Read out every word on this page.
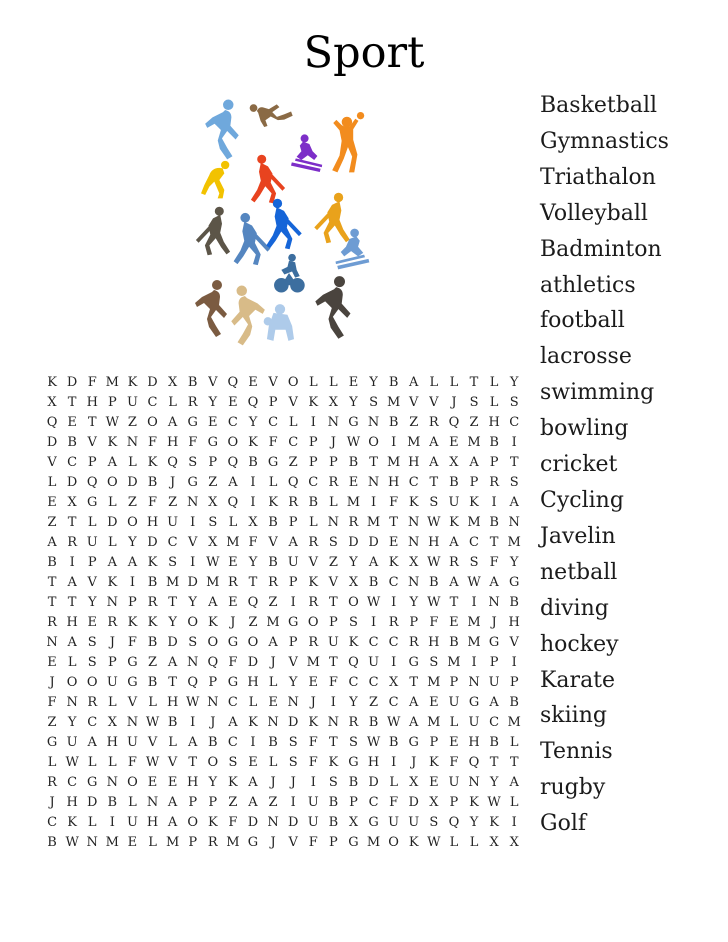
Sport
Basketball
Gymnastics
Triathalon
Volleyball
Badminton
athletics
football
lacrosse
swimming
bowling
cricket
Cycling
Javelin
netball
diving
hockey
Karate
skiing
Tennis
rugby
Golf
K D F M K D X B V Q E V O L L E Y B A L L T L Y
X T H P U C L R Y E Q P V K X Y S M V V J	S L S
Q E T W Z O A G E C Y C L	I N G N B Z R Q Z H C
D B V K N F H F G O K F C P	J W O I M A E M B I
V C P A L K Q S P Q B G Z P P B T M H A X A P T
L D Q O D B J G Z A I	L Q C R E N H C T B P R S
E X G L Z F Z N X Q I K R B L M I	F K S U K I A
Z T L D O H U I	S L X B P L N R M T N W K M B N
A R U L Y D C V X M F V A R S D D E N H A C T M
B I	P A A K S	I W E Y B U V Z Y A K X W R S F Y
T A V K I B M D M R T R P K V X B C N B A W A G
T T Y N P R T Y A E Q Z	I R T O W I	Y W T	I N B
R H E R K K Y O K J Z M G O P S	I R P F E M J H
N A S	J F B D S O G O A P R U K C C R H B M G V
E L S P G Z A N Q F D J V M T Q U I G S M I	P	I
J O O U G B T Q P G H L Y E F C C X T M P N U P
F N R L V L H W N C L E N J	I	Y Z C A E U G A B
Z Y C X N W B I	J A K N D K N R B W A M L U C M
G U A H U V L A B C I B S F T S W B G P E H B L
L W L L F W V T O S E L S F K G H I	J K F Q T T
R C G N O E E H Y K A J	J	I	S B D L X E U N Y A
J H D B L N A P P Z A Z	I U B P C F D X P K W L
C K L	I U H A O K F D N D U B X G U U S Q Y K I
B W N M E L M P R M G J V F P G M O K W L L X X
